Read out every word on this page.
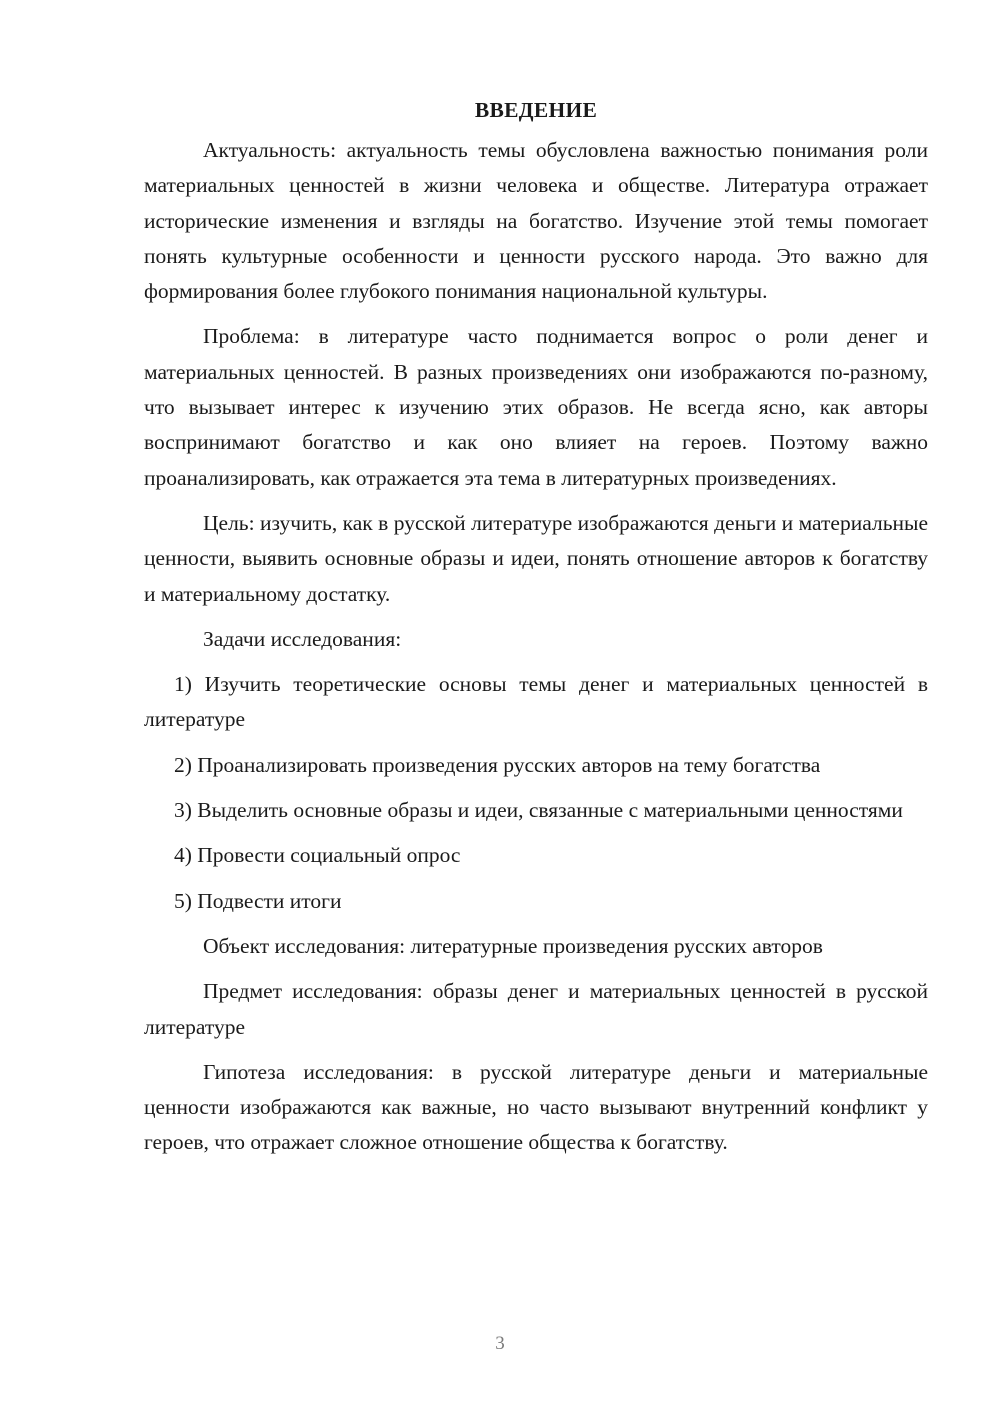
ВВЕДЕНИЕ

Актуальность: актуальность темы обусловлена важностью понимания роли материальных ценностей в жизни человека и обществе. Литература отражает исторические изменения и взгляды на богатство. Изучение этой темы помогает понять культурные особенности и ценности русского народа. Это важно для формирования более глубокого понимания национальной культуры.

Проблема: в литературе часто поднимается вопрос о роли денег и материальных ценностей. В разных произведениях они изображаются по-разному, что вызывает интерес к изучению этих образов. Не всегда ясно, как авторы воспринимают богатство и как оно влияет на героев. Поэтому важно проанализировать, как отражается эта тема в литературных произведениях.

Цель: изучить, как в русской литературе изображаются деньги и материальные ценности, выявить основные образы и идеи, понять отношение авторов к богатству и материальному достатку.

Задачи исследования:

1) Изучить теоретические основы темы денег и материальных ценностей в литературе

2) Проанализировать произведения русских авторов на тему богатства

3) Выделить основные образы и идеи, связанные с материальными ценностями

4) Провести социальный опрос

5) Подвести итоги

Объект исследования: литературные произведения русских авторов

Предмет исследования: образы денег и материальных ценностей в русской литературе

Гипотеза исследования: в русской литературе деньги и материальные ценности изображаются как важные, но часто вызывают внутренний конфликт у героев, что отражает сложное отношение общества к богатству.

3
